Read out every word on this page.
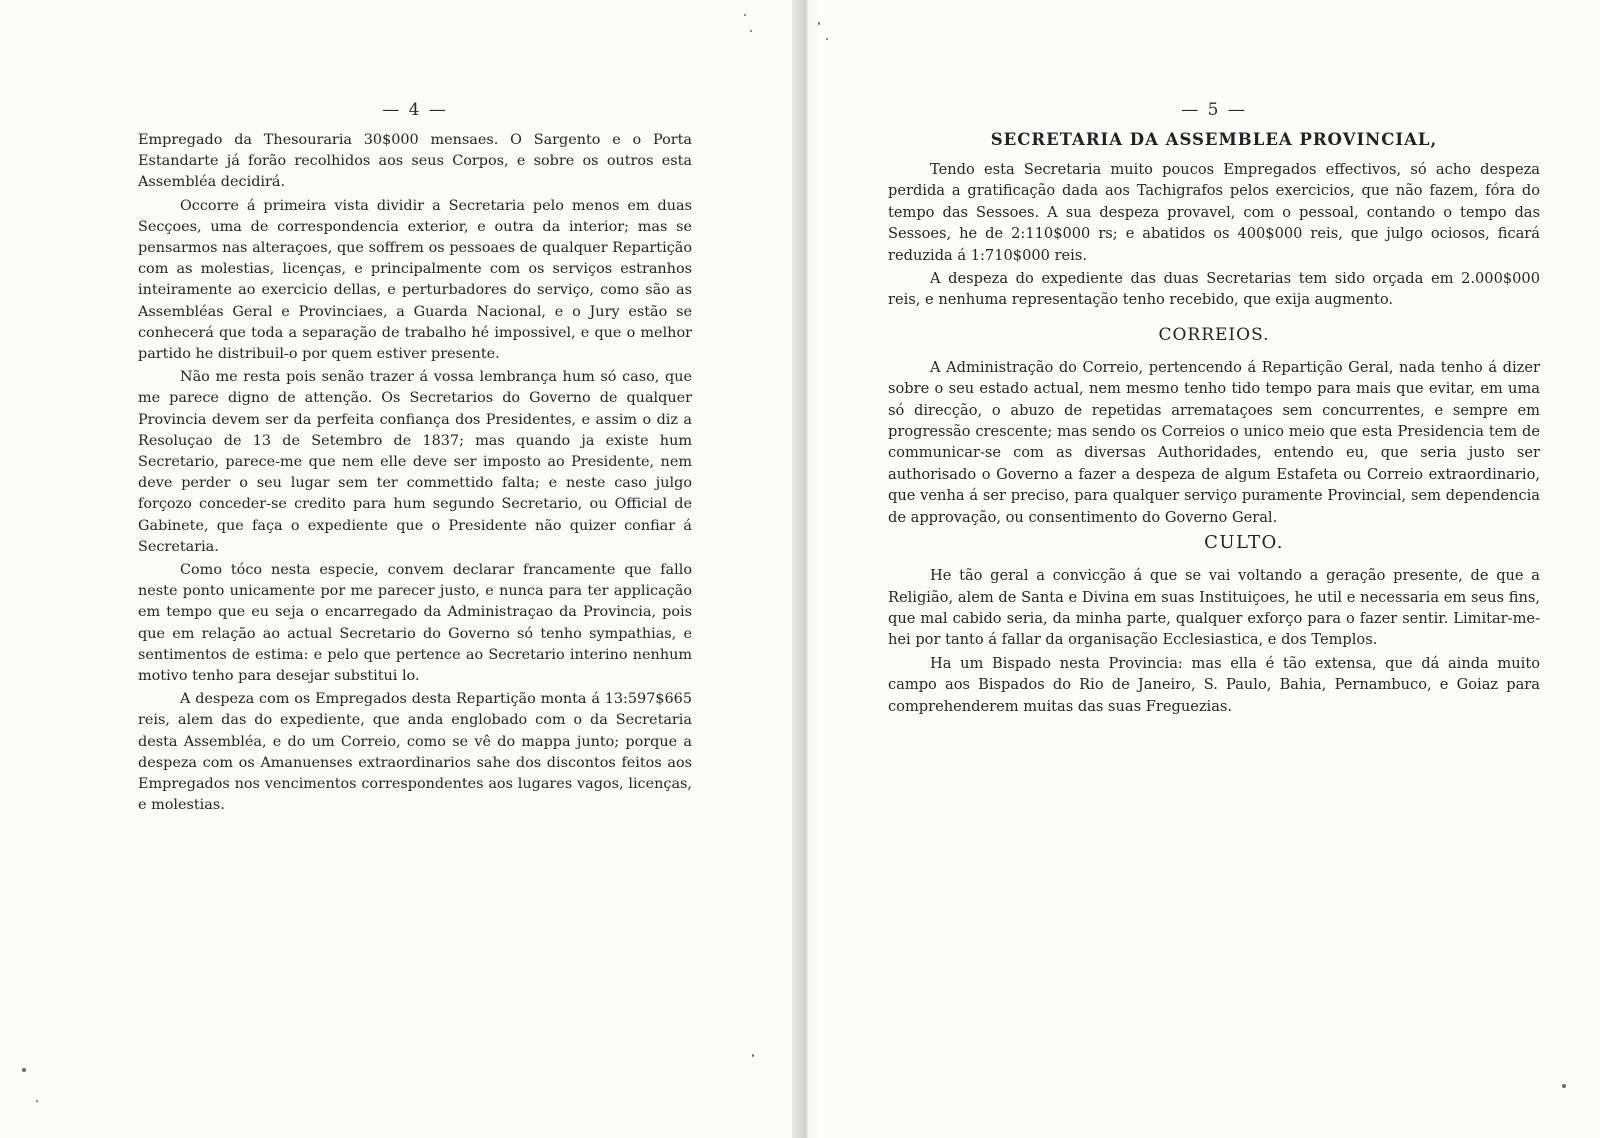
— 4 —

Empregado da Thesouraria 30$000 mensaes. O Sargento e o Porta Estandarte já forão recolhidos aos seus Corpos, e sobre os outros esta Assembléa decidirá.

Occorre á primeira vista dividir a Secretaria pelo menos em duas Secçoes, uma de correspondencia exterior, e outra da interior; mas se pensarmos nas alteraçoes, que soffrem os pessoaes de qualquer Repartição com as molestias, licenças, e principalmente com os serviços estranhos inteiramente ao exercicio dellas, e perturbadores do serviço, como são as Assembléas Geral e Provinciaes, a Guarda Nacional, e o Jury estão se conhecerá que toda a separação de trabalho hé impossivel, e que o melhor partido he distribuil-o por quem estiver presente.

Não me resta pois senão trazer á vossa lembrança hum só caso, que me parece digno de attenção. Os Secretarios do Governo de qualquer Provincia devem ser da perfeita confiança dos Presidentes, e assim o diz a Resoluçao de 13 de Setembro de 1837; mas quando ja existe hum Secretario, parece-me que nem elle deve ser imposto ao Presidente, nem deve perder o seu lugar sem ter commettido falta; e neste caso julgo forçozo conceder-se credito para hum segundo Secretario, ou Official de Gabinete, que faça o expediente que o Presidente não quizer confiar á Secretaria.

Como tóco nesta especie, convem declarar francamente que fallo neste ponto unicamente por me parecer justo, e nunca para ter applicação em tempo que eu seja o encarregado da Administraçao da Provincia, pois que em relação ao actual Secretario do Governo só tenho sympathias, e sentimentos de estima: e pelo que pertence ao Secretario interino nenhum motivo tenho para desejar substitui lo.

A despeza com os Empregados desta Repartição monta á 13:597$665 reis, alem das do expediente, que anda englobado com o da Secretaria desta Assembléa, e do um Correio, como se vê do mappa junto; porque a despeza com os Amanuenses extraordinarios sahe dos discontos feitos aos Empregados nos vencimentos correspondentes aos lugares vagos, licenças, e molestias.

— 5 —
SECRETARIA DA ASSEMBLEA PROVINCIAL,

Tendo esta Secretaria muito poucos Empregados effectivos, só acho despeza perdida a gratificação dada aos Tachigrafos pelos exercicios, que não fazem, fóra do tempo das Sessoes. A sua despeza provavel, com o pessoal, contando o tempo das Sessoes, he de 2:110$000 rs; e abatidos os 400$000 reis, que julgo ociosos, ficará reduzida á 1:710$000 reis.

A despeza do expediente das duas Secretarias tem sido orçada em 2.000$000 reis, e nenhuma representação tenho recebido, que exija augmento.

CORREIOS.

A Administração do Correio, pertencendo á Repartição Geral, nada tenho á dizer sobre o seu estado actual, nem mesmo tenho tido tempo para mais que evitar, em uma só direcção, o abuzo de repetidas arremataçoes sem concurrentes, e sempre em progressão crescente; mas sendo os Correios o unico meio que esta Presidencia tem de communicar-se com as diversas Authoridades, entendo eu, que seria justo ser authorisado o Governo a fazer a despeza de algum Estafeta ou Correio extraordinario, que venha á ser preciso, para qualquer serviço puramente Provincial, sem dependencia de approvação, ou consentimento do Governo Geral.

CULTO.

He tão geral a convicção á que se vai voltando a geração presente, de que a Religião, alem de Santa e Divina em suas Instituiçoes, he util e necessaria em seus fins, que mal cabido seria, da minha parte, qualquer exforço para o fazer sentir. Limitar-me-hei por tanto á fallar da organisação Ecclesiastica, e dos Templos.

Ha um Bispado nesta Provincia: mas ella é tão extensa, que dá ainda muito campo aos Bispados do Rio de Janeiro, S. Paulo, Bahia, Pernambuco, e Goiaz para comprehenderem muitas das suas Freguezias.
